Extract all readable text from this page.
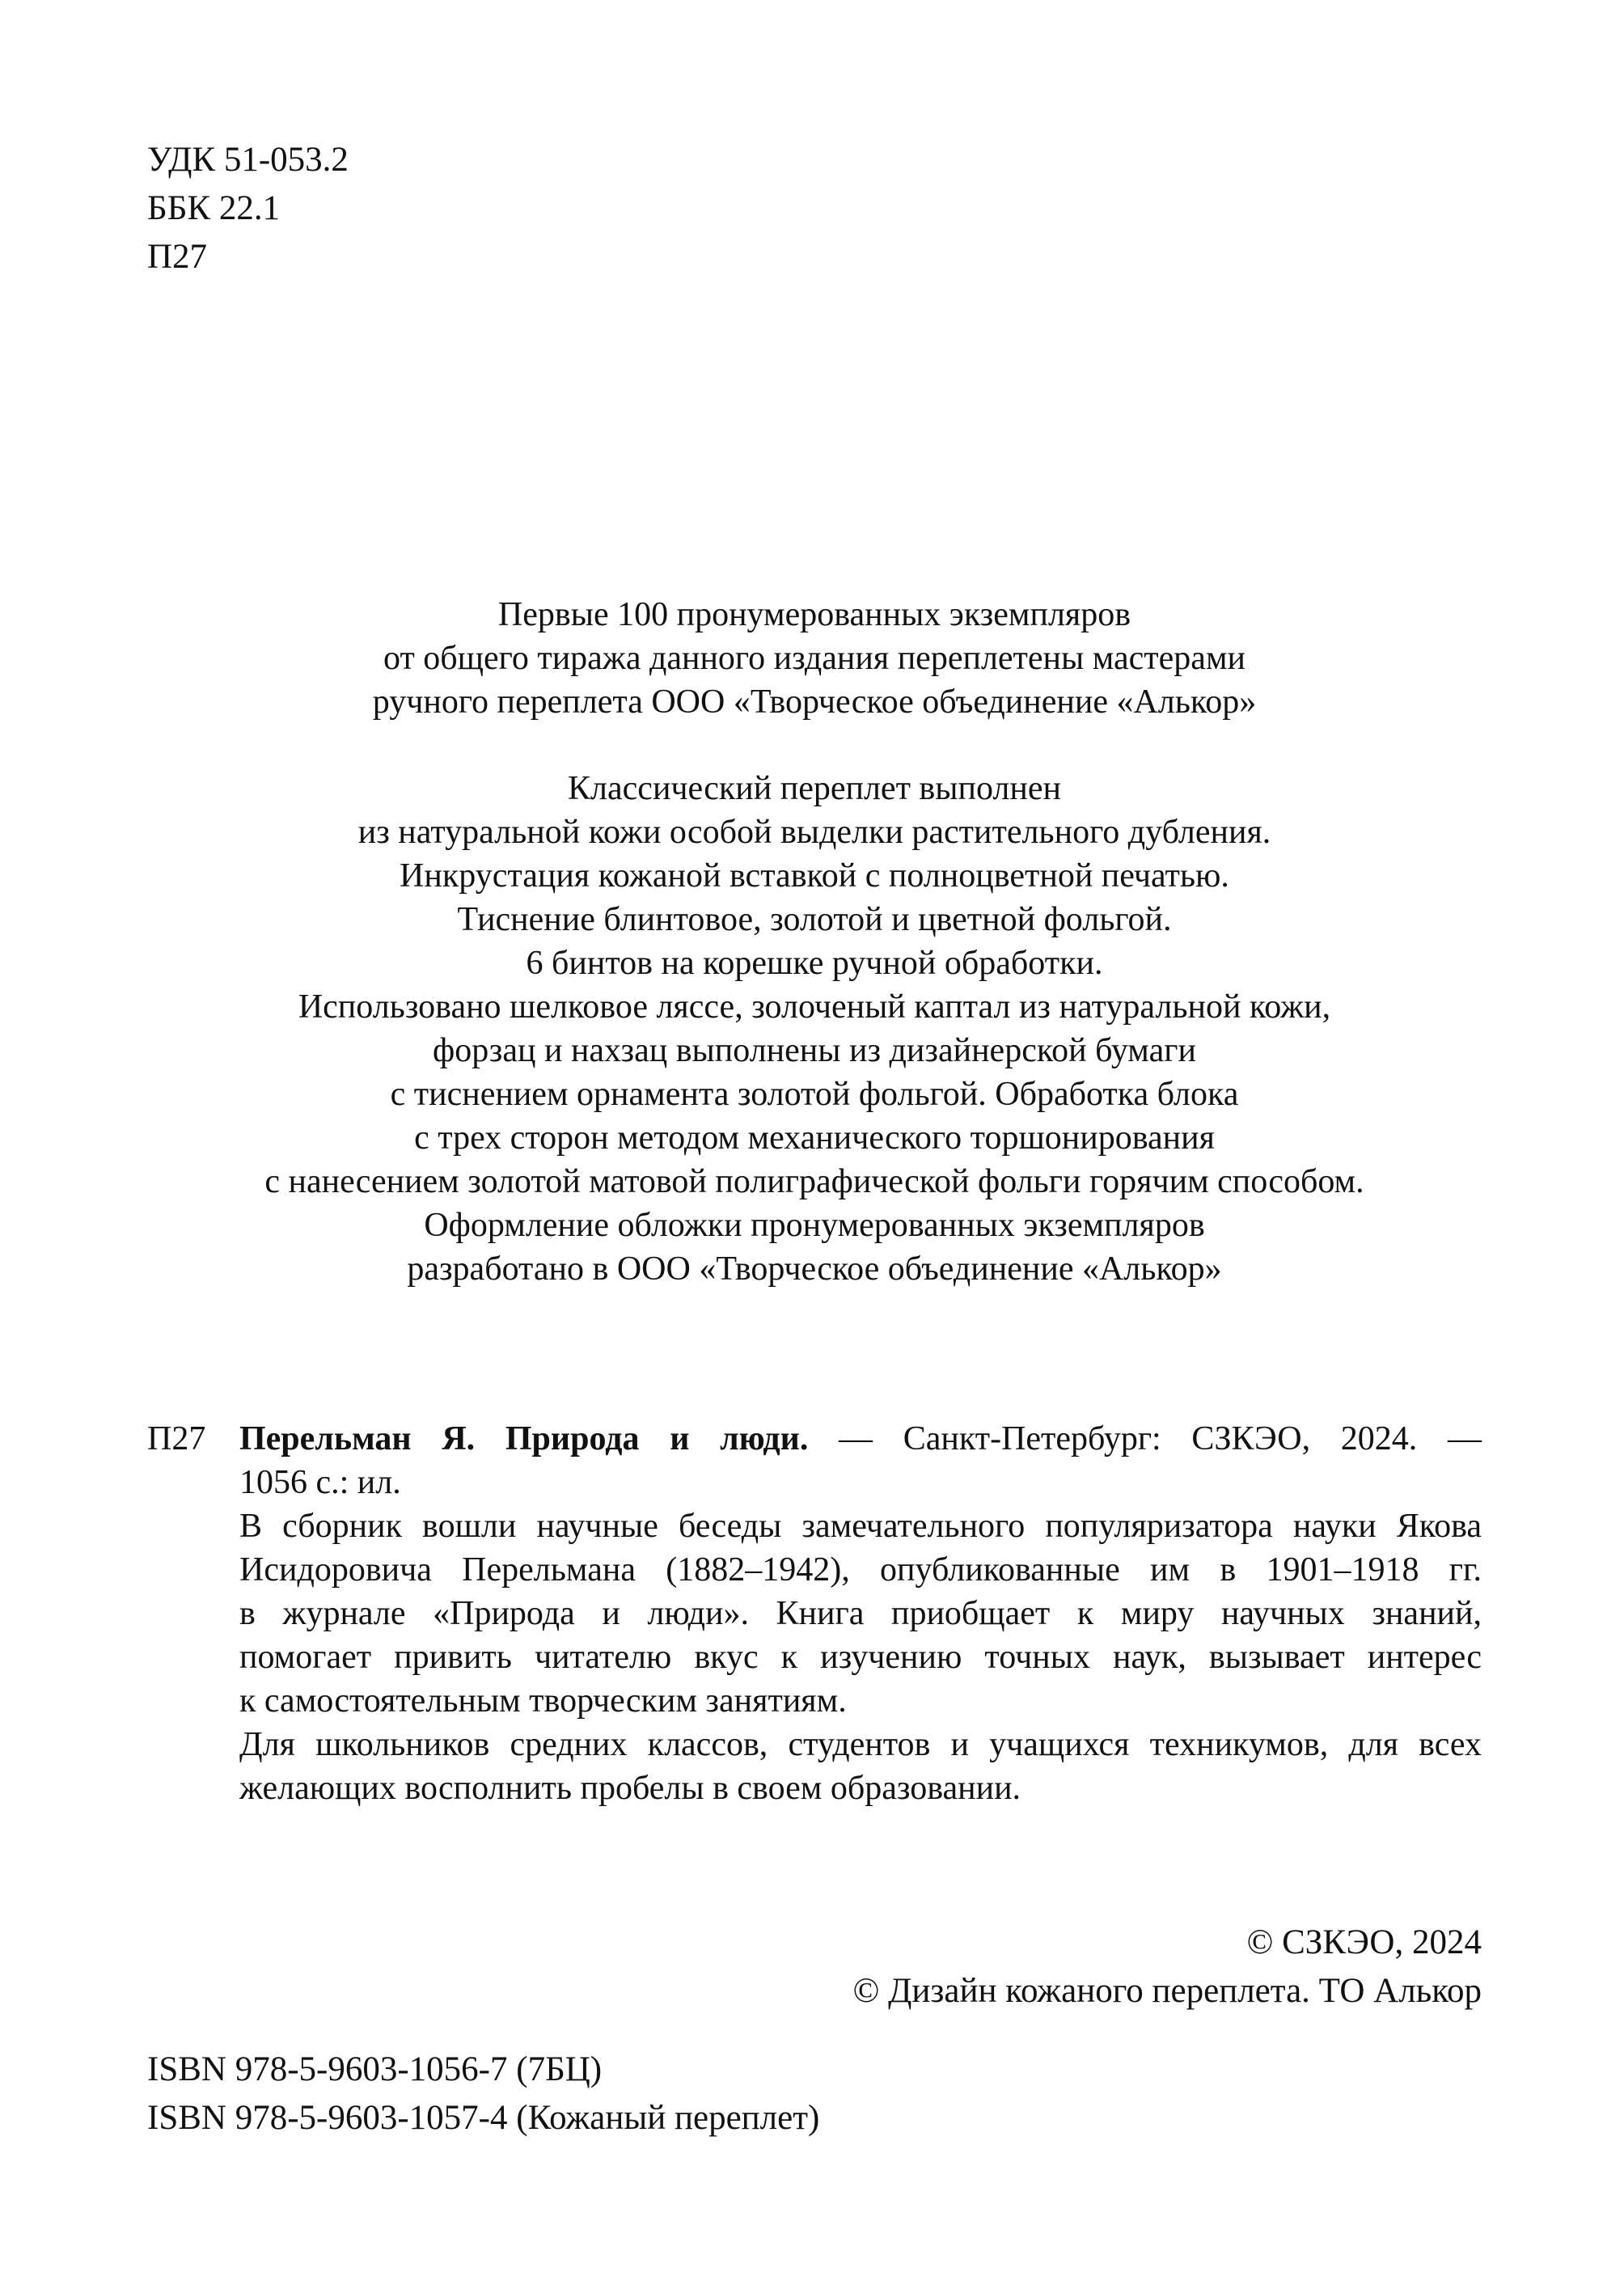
УДК 51-053.2
ББК 22.1
П27
Первые 100 пронумерованных экземпляров
от общего тиража данного издания переплетены мастерами
ручного переплета ООО «Творческое объединение «Алькор»
Классический переплет выполнен
из натуральной кожи особой выделки растительного дубления.
Инкрустация кожаной вставкой с полноцветной печатью.
Тиснение блинтовое, золотой и цветной фольгой.
6 бинтов на корешке ручной обработки.
Использовано шелковое ляссе, золоченый каптал из натуральной кожи,
форзац и нахзац выполнены из дизайнерской бумаги
с тиснением орнамента золотой фольгой. Обработка блока
с трех сторон методом механического торшонирования
с нанесением золотой матовой полиграфической фольги горячим способом.
Оформление обложки пронумерованных экземпляров
разработано в ООО «Творческое объединение «Алькор»
П27 Перельман Я. Природа и люди. — Санкт-Петербург: СЗКЭО, 2024. —
1056 с.: ил.
В сборник вошли научные беседы замечательного популяризатора науки Якова
Исидоровича Перельмана (1882–1942), опубликованные им в 1901–1918 гг.
в журнале «Природа и люди». Книга приобщает к миру научных знаний,
помогает привить читателю вкус к изучению точных наук, вызывает интерес
к самостоятельным творческим занятиям.
Для школьников средних классов, студентов и учащихся техникумов, для всех
желающих восполнить пробелы в своем образовании.
© СЗКЭО, 2024
© Дизайн кожаного переплета. ТО Алькор
ISBN 978-5-9603-1056-7 (7БЦ)
ISBN 978-5-9603-1057-4 (Кожаный переплет)
